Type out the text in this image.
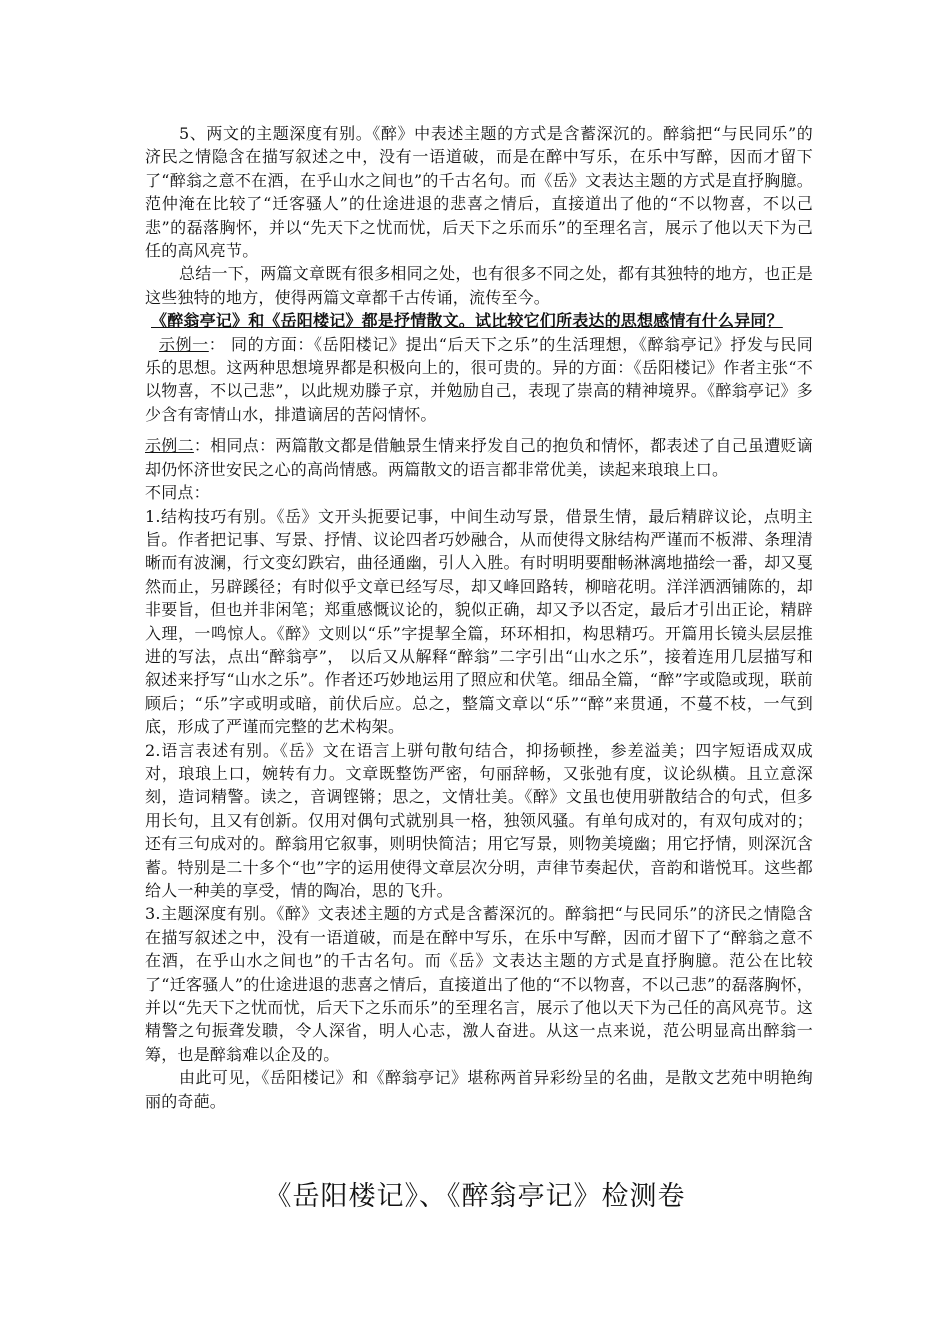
5、两文的主题深度有别。《醉》中表述主题的方式是含蓄深沉的。醉翁把“与民同乐”的济民之情隐含在描写叙述之中，没有一语道破，而是在醉中写乐，在乐中写醉，因而才留下了“醉翁之意不在酒，在乎山水之间也”的千古名句。而《岳》文表达主题的方式是直抒胸臆。范仲淹在比较了“迁客骚人”的仕途进退的悲喜之情后，直接道出了他的“不以物喜，不以己悲”的磊落胸怀，并以“先天下之忧而忧，后天下之乐而乐”的至理名言，展示了他以天下为己任的高风亮节。

总结一下，两篇文章既有很多相同之处，也有很多不同之处，都有其独特的地方，也正是这些独特的地方，使得两篇文章都千古传诵，流传至今。

《醉翁亭记》和《岳阳楼记》都是抒情散文。试比较它们所表达的思想感情有什么异同？

示例一： 同的方面：《岳阳楼记》提出“后天下之乐”的生活理想，《醉翁亭记》抒发与民同乐的思想。这两种思想境界都是积极向上的，很可贵的。异的方面：《岳阳楼记》作者主张“不以物喜，不以己悲”，以此规劝滕子京，并勉励自己，表现了崇高的精神境界。《醉翁亭记》多少含有寄情山水，排遣谪居的苦闷情怀。

示例二：相同点：两篇散文都是借触景生情来抒发自己的抱负和情怀，都表述了自己虽遭贬谪却仍怀济世安民之心的高尚情感。两篇散文的语言都非常优美，读起来琅琅上口。

不同点：

1.结构技巧有别。《岳》文开头扼要记事，中间生动写景，借景生情，最后精辟议论，点明主旨。作者把记事、写景、抒情、议论四者巧妙融合，从而使得文脉结构严谨而不板滞、条理清晰而有波澜，行文变幻跌宕，曲径通幽，引人入胜。有时明明要酣畅淋漓地描绘一番，却又戛然而止，另辟蹊径；有时似乎文章已经写尽，却又峰回路转，柳暗花明。洋洋洒洒铺陈的，却非要旨，但也并非闲笔；郑重感慨议论的，貌似正确，却又予以否定，最后才引出正论，精辟入理，一鸣惊人。《醉》文则以“乐”字提挈全篇，环环相扣，构思精巧。开篇用长镜头层层推进的写法，点出“醉翁亭”， 以后又从解释“醉翁”二字引出“山水之乐”，接着连用几层描写和叙述来抒写“山水之乐”。作者还巧妙地运用了照应和伏笔。细品全篇，“醉”字或隐或现，联前顾后；“乐”字或明或暗，前伏后应。总之，整篇文章以“乐”“醉”来贯通，不蔓不枝，一气到底，形成了严谨而完整的艺术构架。

2.语言表述有别。《岳》文在语言上骈句散句结合，抑扬顿挫，参差溢美；四字短语成双成对，琅琅上口，婉转有力。文章既整饬严密，句丽辞畅，又张弛有度，议论纵横。且立意深刻，造词精警。读之，音调铿锵；思之，文情壮美。《醉》文虽也使用骈散结合的句式，但多用长句，且又有创新。仅用对偶句式就别具一格，独领风骚。有单句成对的，有双句成对的；还有三句成对的。醉翁用它叙事，则明快简洁；用它写景，则物美境幽；用它抒情，则深沉含蓄。特别是二十多个“也”字的运用使得文章层次分明，声律节奏起伏，音韵和谐悦耳。这些都给人一种美的享受，情的陶冶，思的飞升。

3.主题深度有别。《醉》文表述主题的方式是含蓄深沉的。醉翁把“与民同乐”的济民之情隐含在描写叙述之中，没有一语道破，而是在醉中写乐，在乐中写醉，因而才留下了“醉翁之意不在酒，在乎山水之间也”的千古名句。而《岳》文表达主题的方式是直抒胸臆。范公在比较了“迁客骚人”的仕途进退的悲喜之情后，直接道出了他的“不以物喜，不以己悲”的磊落胸怀，并以“先天下之忧而忧，后天下之乐而乐”的至理名言，展示了他以天下为己任的高风亮节。这精警之句振聋发聩，令人深省，明人心志，激人奋进。从这一点来说，范公明显高出醉翁一筹，也是醉翁难以企及的。

由此可见，《岳阳楼记》和《醉翁亭记》堪称两首异彩纷呈的名曲，是散文艺苑中明艳绚丽的奇葩。

《岳阳楼记》、《醉翁亭记》检测卷
